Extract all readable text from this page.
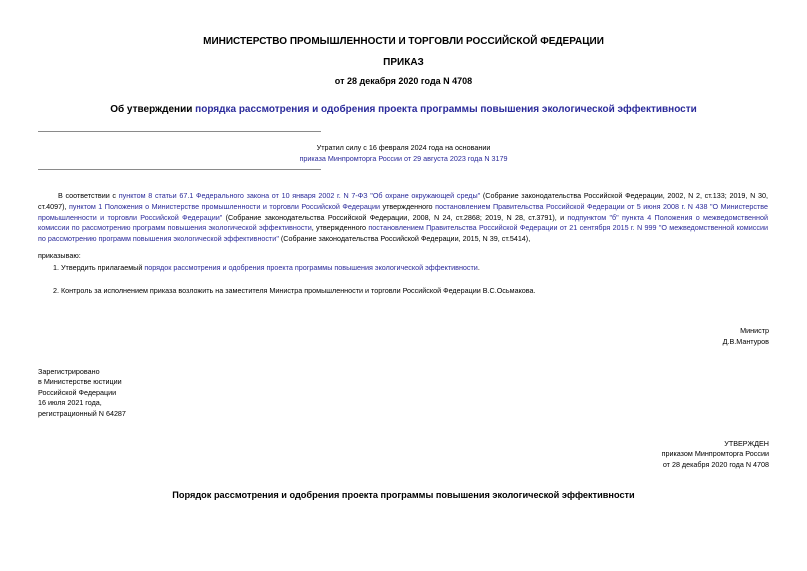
МИНИСТЕРСТВО ПРОМЫШЛЕННОСТИ И ТОРГОВЛИ РОССИЙСКОЙ ФЕДЕРАЦИИ
ПРИКАЗ
от 28 декабря 2020 года N 4708
Об утверждении порядка рассмотрения и одобрения проекта программы повышения экологической эффективности
Утратил силу с 16 февраля 2024 года на основании
приказа Минпромторга России от 29 августа 2023 года N 3179
В соответствии с пунктом 8 статьи 67.1 Федерального закона от 10 января 2002 г. N 7-ФЗ "Об охране окружающей среды" (Собрание законодательства Российской Федерации, 2002, N 2, ст.133; 2019, N 30, ст.4097), пунктом 1 Положения о Министерстве промышленности и торговли Российской Федерации утвержденного постановлением Правительства Российской Федерации от 5 июня 2008 г. N 438 "О Министерстве промышленности и торговли Российской Федерации" (Собрание законодательства Российской Федерации, 2008, N 24, ст.2868; 2019, N 28, ст.3791), и подпунктом "б" пункта 4 Положения о межведомственной комиссии по рассмотрению программ повышения экологической эффективности, утвержденного постановлением Правительства Российской Федерации от 21 сентября 2015 г. N 999 "О межведомственной комиссии по рассмотрению программ повышения экологической эффективности" (Собрание законодательства Российской Федерации, 2015, N 39, ст.5414),
приказываю:
1. Утвердить прилагаемый порядок рассмотрения и одобрения проекта программы повышения экологической эффективности.
2. Контроль за исполнением приказа возложить на заместителя Министра промышленности и торговли Российской Федерации В.С.Осьмакова.
Министр
Д.В.Мантуров
Зарегистрировано
в Министерстве юстиции
Российской Федерации
16 июля 2021 года,
регистрационный N 64287
УТВЕРЖДЕН
приказом Минпромторга России
от 28 декабря 2020 года N 4708
Порядок рассмотрения и одобрения проекта программы повышения экологической эффективности
